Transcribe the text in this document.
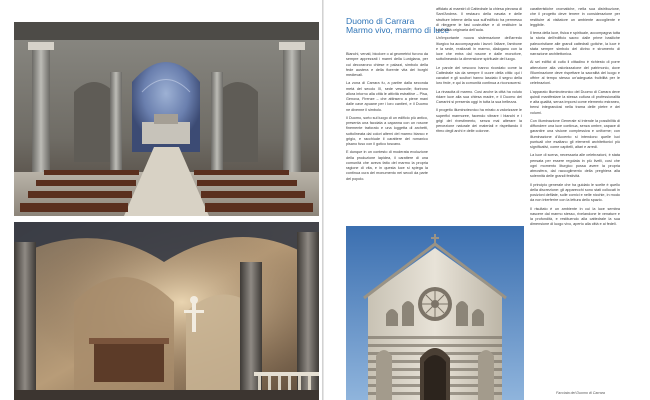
Duomo di Carrara
Marmo vivo, marmo di luce

Bianchi, venati, bicolore o ai geometrici furono da sempre apprezzati i marmi della Lunigiana, per cui decorarono chiese e palazzi, simbolo della fede austera e della fiorente vita dei borghi medievali.

La zona di Carrara fu, a partire dalla seconda metà del secolo XI, sede vescovile; fiorirono allora intorno alla città le attività estrattive – Pisa, Genova, Firenze – che attinsero a piene mani dalle cave apuane per i loro cantieri, e il Duomo ne divenne il simbolo.

Il Duomo, sorto sul luogo di un edificio più antico, presenta una facciata a capanna con un rosone finemente traforato e una loggetta di archetti, sottolineata dai colori alterni del marmo bianco e grigio, e racchiude il carattere del romanico pisano fuso con il gotico toscano.

E dunque in un contesto di moderata evoluzione della produzione lapidea, il carattere di una comunità che aveva fatto del marmo la propria ragione di vita, e in questa luce si spiega la continua cura del monumento nei secoli da parte del popolo.

affidato ai maestri di Cattedrale la chiesa pievana di Sant'Andrea. Il restauro della navata e delle strutture interne della sua sull'edificio ha permesso di rileggere le fasi costruttive e di restituire la spazialità originaria dell'aula.

Un'importante nuova sistemazione dell'arredo liturgico ha accompagnato i lavori: l'altare, l'ambone e la sede, realizzati in marmo, dialogano con la luce che entra dal rosone e dalle monofore, sottolineando la dimensione spirituale del luogo.

Le parole del vescovo hanno ricordato come la Cattedrale sia da sempre il cuore della città: qui i cavatori e gli scultori hanno lasciato il segno della loro fede, e qui la comunità continua a riconoscersi.

La rinascita di marmo. Così anche la città ha voluto ridare luce alla sua chiesa madre, e il Duomo dei Carrarini si presenta oggi in tutta la sua bellezza.

Il progetto illuminotecnico ha mirato a valorizzare le superfici marmoree, facendo vibrare i bianchi e i grigi del rivestimento, senza mai alterare la percezione naturale dei materiali e rispettando il ritmo degli archi e delle colonne.

caratteristiche cromatiche, nella sua distribuzione, che il progetto deve tenere in considerazione per restituire al visitatore un ambiente accogliente e leggibile.

Il tema della luce, fisica e spirituale, accompagna tutta la storia dell'edificio sacro: dalle prime basiliche paleocristiane alle grandi cattedrali gotiche, la luce è stata sempre simbolo del divino e strumento di narrazione architettonica.

Ai sei edifici di culto il cittadino è richiesto di porre attenzione alla valorizzazione del patrimonio, dove l'illuminazione deve rispettare la sacralità del luogo e offrire al tempo stesso un'adeguata fruibilità per le celebrazioni.

L'apparato illuminotecnico del Duomo di Carrara deve quindi manifestare la stessa cultura di professionalità e alta qualità, senza imporsi come elemento estraneo, bensì integrandosi nella trama delle pietre e dei volumi.

Con illuminazione Generale si intende la possibilità di diffondere una luce continua, senza ombre, capace di garantire una visione complessiva e uniforme; con illuminazione d'Accento si intendono quelle luci puntuali che esaltano gli elementi architettonici più significativi, come capitelli, altari e arredi.

La luce di scena, necessaria alle celebrazioni, è stata pensata per essere regolata in più livelli, così che ogni momento liturgico possa avere la propria atmosfera, dal raccoglimento della preghiera alla solennità delle grandi festività.

Il principio generale che ha guidato le scelte è quello della discrezione: gli apparecchi sono stati collocati in posizioni defilate, sulle cornici e nelle nicchie, in modo da non interferire con la lettura dello spazio.

Il risultato è un ambiente in cui la luce sembra nascere dal marmo stesso, rivelandone le venature e la profondità, e restituendo alla cattedrale la sua dimensione di luogo vivo, aperto alla città e ai fedeli.

Facciata del Duomo di Carrara
